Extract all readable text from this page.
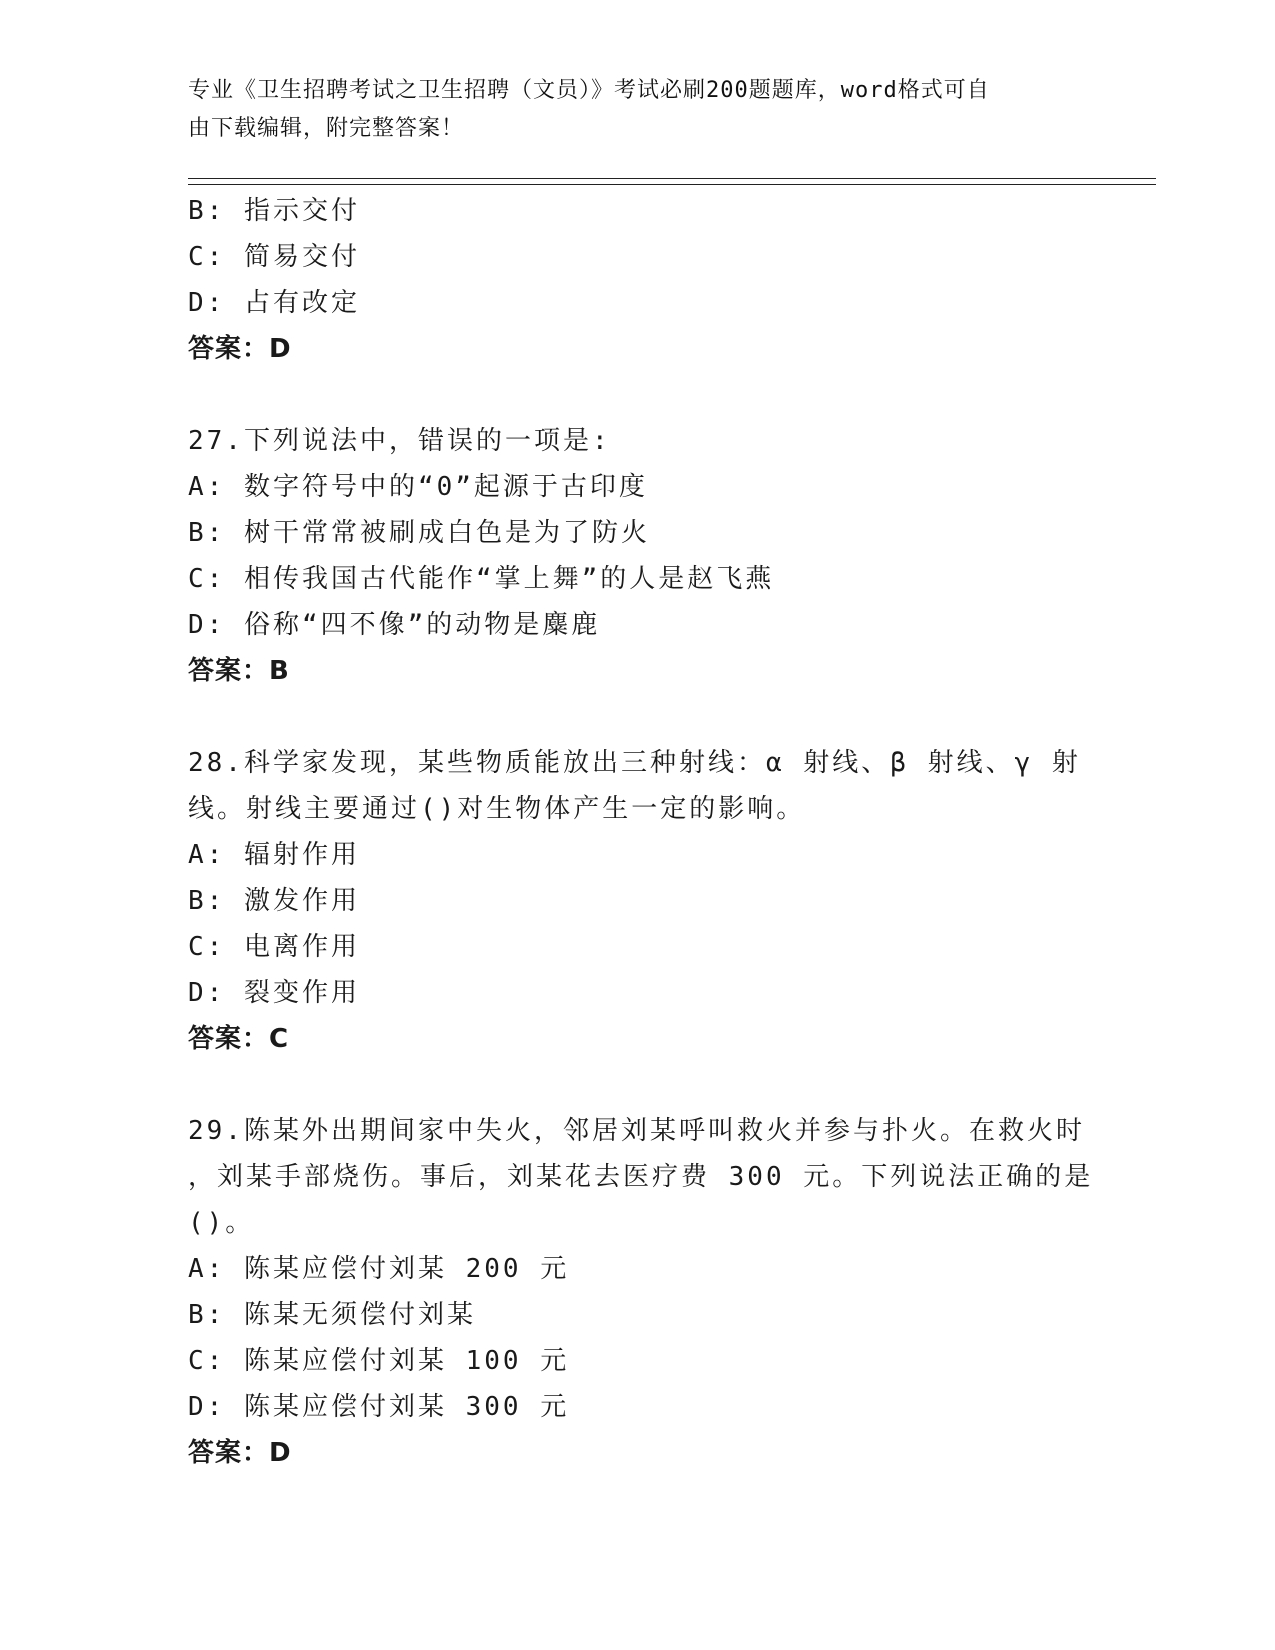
专业《卫生招聘考试之卫生招聘（文员）》考试必刷200题题库，word格式可自
由下载编辑，附完整答案！
B: 指示交付
C: 简易交付
D: 占有改定
答案：D
27.下列说法中，错误的一项是:
A: 数字符号中的“0”起源于古印度
B: 树干常常被刷成白色是为了防火
C: 相传我国古代能作“掌上舞”的人是赵飞燕
D: 俗称“四不像”的动物是麋鹿
答案：B
28.科学家发现，某些物质能放出三种射线：α 射线、β 射线、γ 射
线。射线主要通过()对生物体产生一定的影响。
A: 辐射作用
B: 激发作用
C: 电离作用
D: 裂变作用
答案：C
29.陈某外出期间家中失火，邻居刘某呼叫救火并参与扑火。在救火时
，刘某手部烧伤。事后，刘某花去医疗费 300 元。下列说法正确的是
()。
A: 陈某应偿付刘某 200 元
B: 陈某无须偿付刘某
C: 陈某应偿付刘某 100 元
D: 陈某应偿付刘某 300 元
答案：D
